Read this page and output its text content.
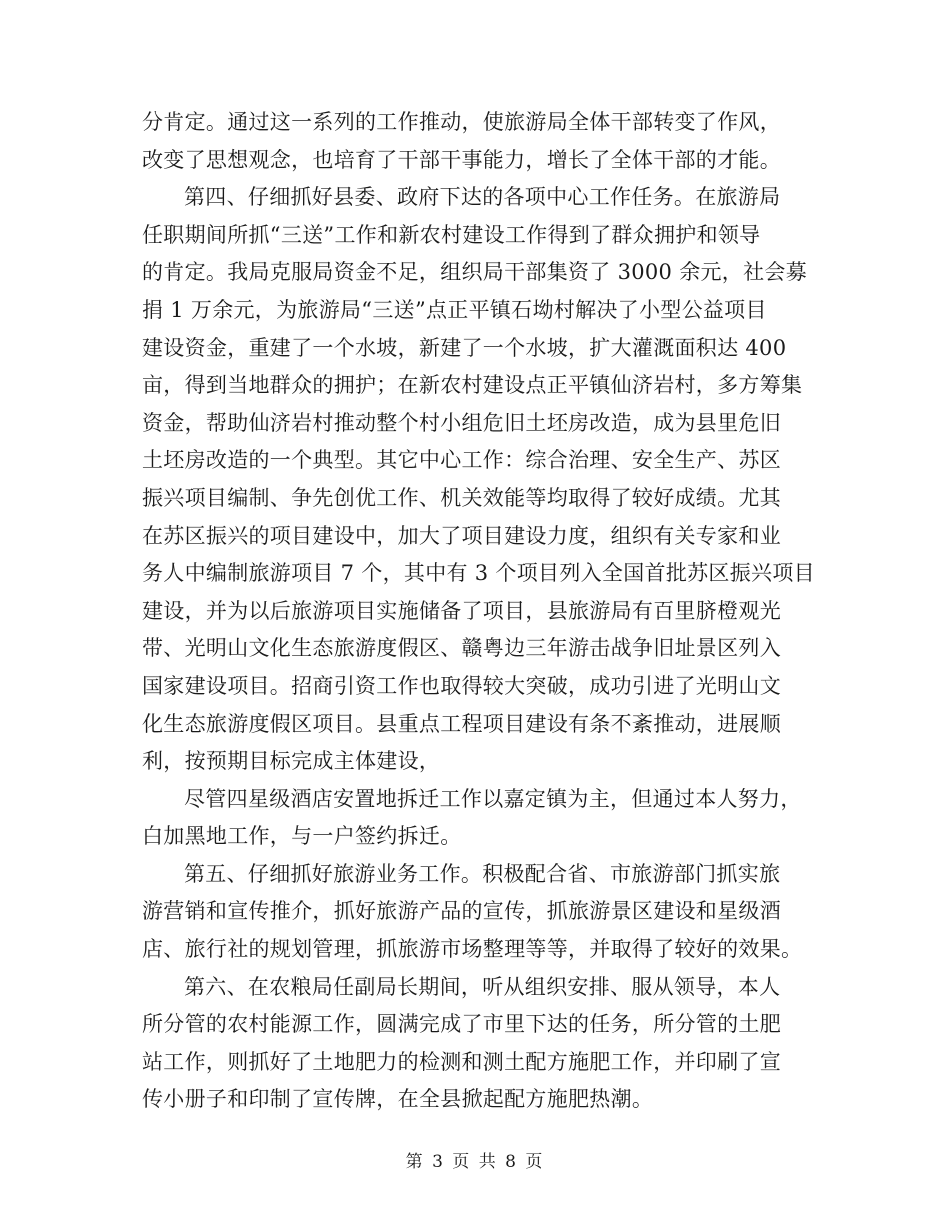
分肯定。通过这一系列的工作推动，使旅游局全体干部转变了作风，
改变了思想观念，也培育了干部干事能力，增长了全体干部的才能。

第四、仔细抓好县委、政府下达的各项中心工作任务。在旅游局
任职期间所抓“三送”工作和新农村建设工作得到了群众拥护和领导
的肯定。我局克服局资金不足，组织局干部集资了 3000 余元，社会募
捐 1 万余元，为旅游局“三送”点正平镇石坳村解决了小型公益项目
建设资金，重建了一个水坡，新建了一个水坡，扩大灌溉面积达 400
亩，得到当地群众的拥护；在新农村建设点正平镇仙济岩村，多方筹集
资金，帮助仙济岩村推动整个村小组危旧土坯房改造，成为县里危旧
土坯房改造的一个典型。其它中心工作：综合治理、安全生产、苏区
振兴项目编制、争先创优工作、机关效能等均取得了较好成绩。尤其
在苏区振兴的项目建设中，加大了项目建设力度，组织有关专家和业
务人中编制旅游项目 7 个，其中有 3 个项目列入全国首批苏区振兴项目
建设，并为以后旅游项目实施储备了项目，县旅游局有百里脐橙观光
带、光明山文化生态旅游度假区、赣粤边三年游击战争旧址景区列入
国家建设项目。招商引资工作也取得较大突破，成功引进了光明山文
化生态旅游度假区项目。县重点工程项目建设有条不紊推动，进展顺
利，按预期目标完成主体建设，

尽管四星级酒店安置地拆迁工作以嘉定镇为主，但通过本人努力，
白加黑地工作，与一户签约拆迁。

第五、仔细抓好旅游业务工作。积极配合省、市旅游部门抓实旅
游营销和宣传推介，抓好旅游产品的宣传，抓旅游景区建设和星级酒
店、旅行社的规划管理，抓旅游市场整理等等，并取得了较好的效果。

第六、在农粮局任副局长期间，听从组织安排、服从领导，本人
所分管的农村能源工作，圆满完成了市里下达的任务，所分管的土肥
站工作，则抓好了土地肥力的检测和测土配方施肥工作，并印刷了宣
传小册子和印制了宣传牌，在全县掀起配方施肥热潮。

第 3 页 共 8 页
